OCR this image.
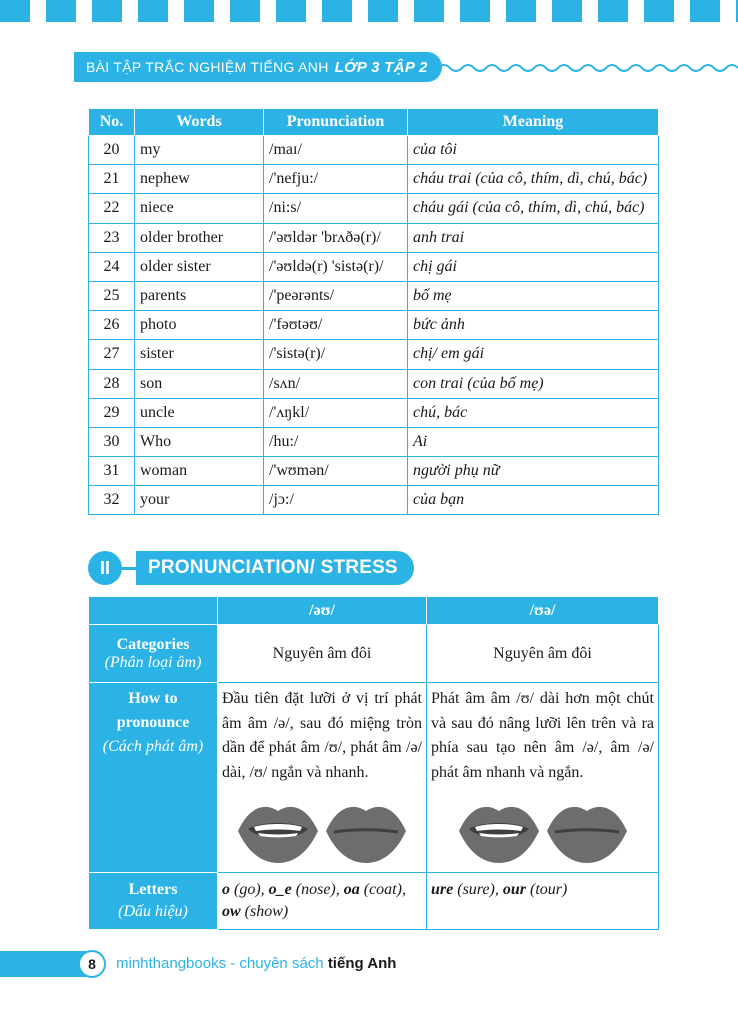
BÀI TẬP TRẮC NGHIỆM TIẾNG ANH LỚP 3 TẬP 2
No.	Words	Pronunciation	Meaning
20	my	/maɪ/	của tôi
21	nephew	/'nefju:/	cháu trai (của cô, thím, dì, chú, bác)
22	niece	/ni:s/	cháu gái (của cô, thím, dì, chú, bác)
23	older brother	/'əʊldər 'brʌðə(r)/	anh trai
24	older sister	/'əʊldə(r) 'sistə(r)/	chị gái
25	parents	/'peərənts/	bố mẹ
26	photo	/'fəʊtəʊ/	bức ảnh
27	sister	/'sistə(r)/	chị/ em gái
28	son	/sʌn/	con trai (của bố mẹ)
29	uncle	/'ʌŋkl/	chú, bác
30	Who	/hu:/	Ai
31	woman	/'wʊmən/	người phụ nữ
32	your	/jɔ:/	của bạn
II	PRONUNCIATION/ STRESS
	/əʊ/	/ʊə/
Categories
(Phân loại âm)	Nguyên âm đôi	Nguyên âm đôi

How to
pronounce
(Cách phát âm)	Đầu tiên đặt lưỡi ở vị trí phát âm âm /ə/, sau đó miệng tròn dần để phát âm /ʊ/, phát âm /ə/ dài, /ʊ/ ngắn và nhanh.	Phát âm âm /ʊ/ dài hơn một chút và sau đó nâng lưỡi lên trên và ra phía sau tạo nên âm /ə/, âm /ə/ phát âm nhanh và ngắn.

Letters
(Dấu hiệu)	o (go), o_e (nose), oa (coat), ow (show)	ure (sure), our (tour)
8	minhthangbooks - chuyên sách tiếng Anh
